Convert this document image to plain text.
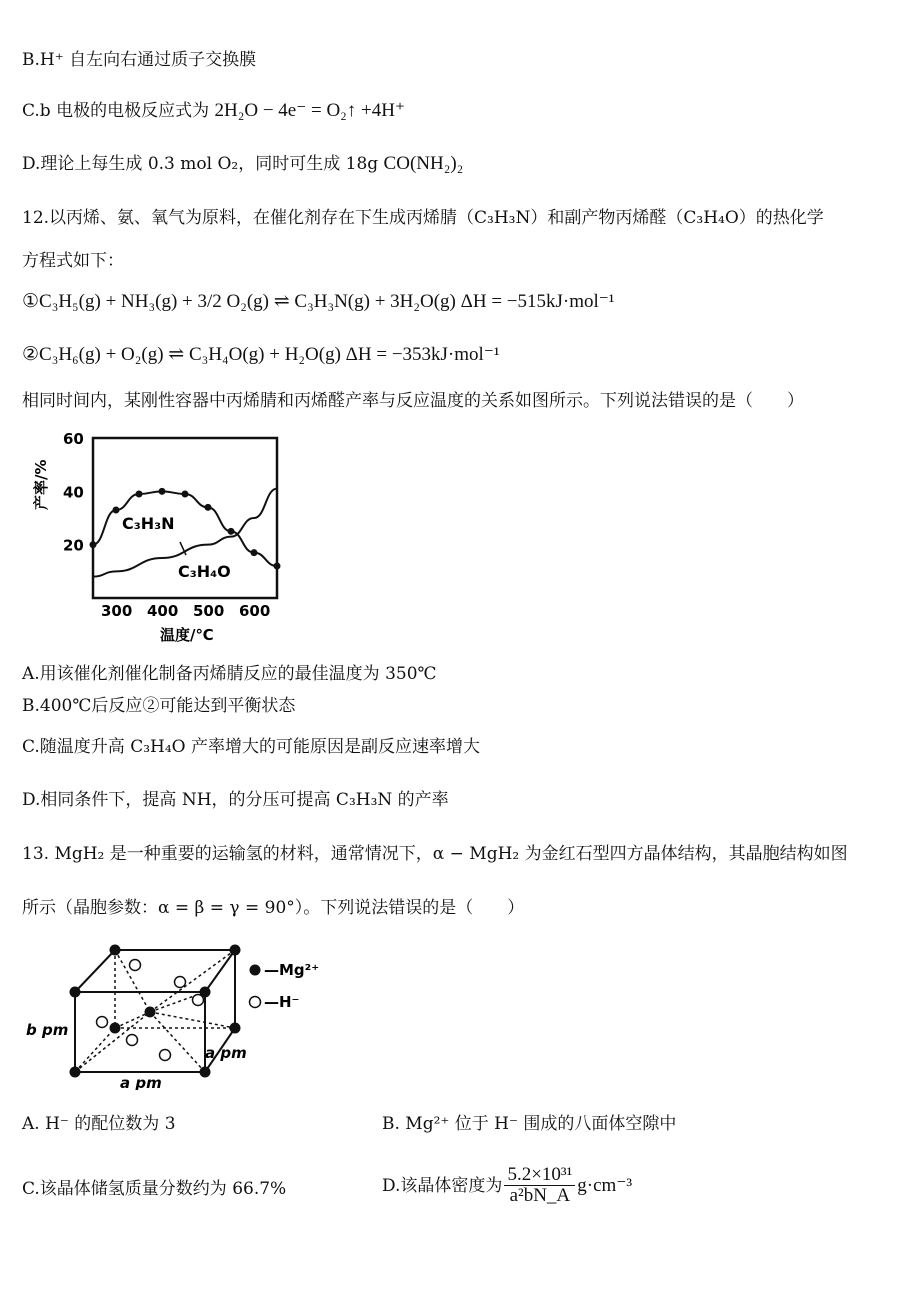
B.H⁺ 自左向右通过质子交换膜
C.b 电极的电极反应式为 2H₂O − 4e⁻ = O₂↑ +4H⁺
D.理论上每生成 0.3 mol O₂，同时可生成 18g CO(NH₂)₂
12.以丙烯、氨、氧气为原料，在催化剂存在下生成丙烯腈（C₃H₃N）和副产物丙烯醛（C₃H₄O）的热化学
方程式如下：
①C₃H₅(g) + NH₃(g) + 3/2 O₂(g) ⇌ C₃H₃N(g) + 3H₂O(g) ΔH = −515kJ·mol⁻¹
②C₃H₆(g) + O₂(g) ⇌ C₃H₄O(g) + H₂O(g) ΔH = −353kJ·mol⁻¹
相同时间内，某刚性容器中丙烯腈和丙烯醛产率与反应温度的关系如图所示。下列说法错误的是（　　）
产率/%
温度/℃
300 400 500 600
20
40
60
C₃H₃N
C₃H₄O
A.用该催化剂催化制备丙烯腈反应的最佳温度为 350℃
B.400℃后反应②可能达到平衡状态
C.随温度升高 C₃H₄O 产率增大的可能原因是副反应速率增大
D.相同条件下，提高 NH，的分压可提高 C₃H₃N 的产率
13. MgH₂ 是一种重要的运输氢的材料，通常情况下，α − MgH₂ 为金红石型四方晶体结构，其晶胞结构如图
所示（晶胞参数：α = β = γ = 90°）。下列说法错误的是（　　）
—Mg²⁺
—H⁻
b pm
a pm
a pm
A. H⁻ 的配位数为 3	B. Mg²⁺ 位于 H⁻ 围成的八面体空隙中
C.该晶体储氢质量分数约为 66.7%	D.该晶体密度为 $\frac{\text{5.2×10³¹}}{\text{a²bN\_A}} g\cdot cm^{-3}$
